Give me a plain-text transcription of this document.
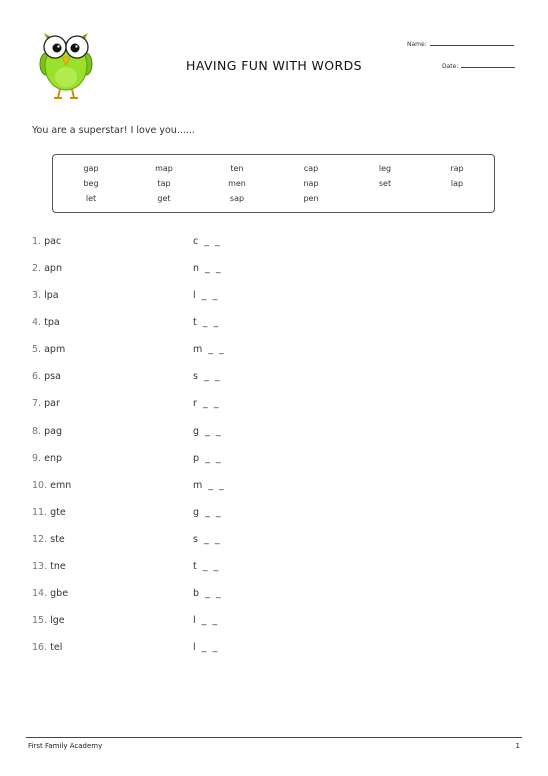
HAVING FUN WITH WORDS
Name:
Date:
You are a superstar! I love you......
gap	map	ten	cap	leg	rap
beg	tap	men	nap	set	lap
let	get	sap	pen
1. pac	c  _  _
2. apn	n  _  _
3. lpa	l  _  _
4. tpa	t  _  _
5. apm	m  _  _
6. psa	s  _  _
7. par	r  _  _
8. pag	g  _  _
9. enp	p  _  _
10. emn	m  _  _
11. gte	g  _  _
12. ste	s  _  _
13. tne	t  _  _
14. gbe	b  _  _
15. lge	l  _  _
16. tel	l  _  _
First Family Academy	1
